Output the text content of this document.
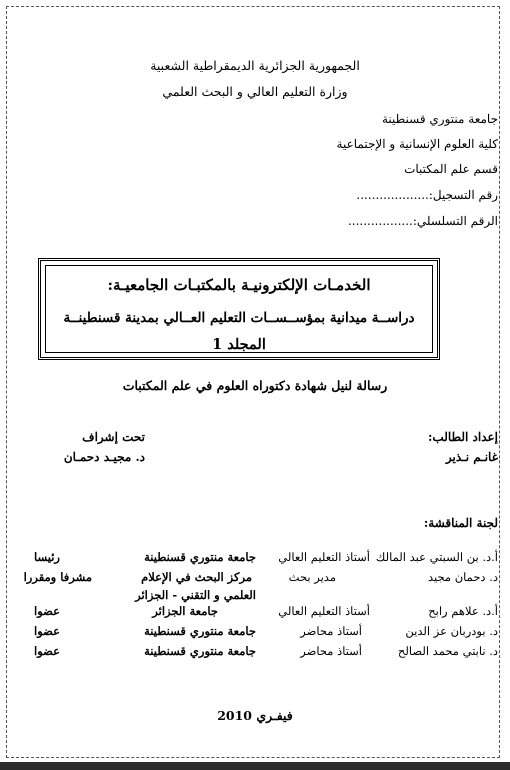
الجمهورية الجزائرية الديمقراطية الشعبية
وزارة التعليم العالي و البحث العلمي
جامعة منتوري قسنطينة
كلية العلوم الإنسانية و الإجتماعية
قسم علم المكتبات
رقم التسجيل:...................
الرقم التسلسلي:.................
الخدمـات الإلكترونيـة بالمكتبـات الجامعيـة:
دراســة ميدانية بمؤســســات التعليم العــالي بمدينة قسنطينــة
المجلد 1
رسالة لنيل شهادة دكتوراه العلوم في علم المكتبات
إعداد الطالب:
غانـم نـذير
تحت إشراف
د. مجيـد دحمـان
لجنة المناقشة:
أ.د. بن السبتي عبد المالك
أستاذ التعليم العالي
جامعة منتوري قسنطينة
رئيسا
د. دحمان مجيد
مدير بحث
مركز البحث في الإعلام
العلمي و التقني - الجزائر
مشرفا ومقررا
أ.د. علاهم رابح
أستاذ التعليم العالي
جامعة الجزائر
عضوا
د. بودربان عز الدين
أستاذ محاضر
جامعة منتوري قسنطينة
عضوا
د. نابتي محمد الصالح
أستاذ محاضر
جامعة منتوري قسنطينة
عضوا
فيفـري 2010
